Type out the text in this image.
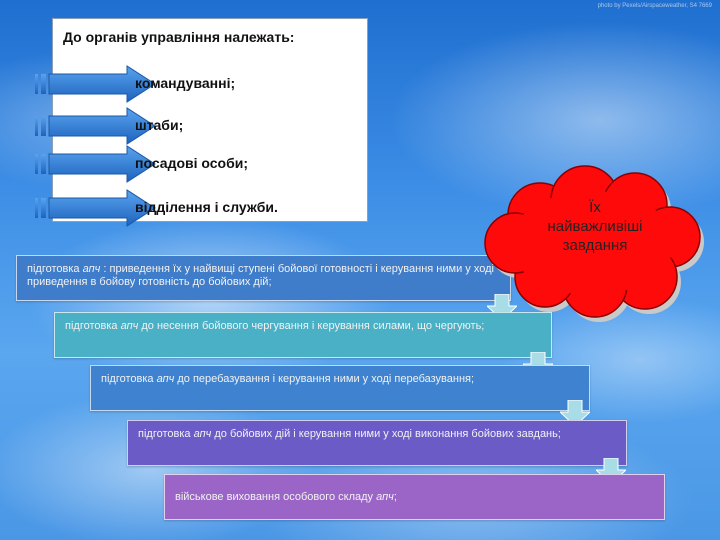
photo by Pexels/Airspaceweather, S4 7669
До органів управління належать:
командуванні;
штаби;
посадові особи;
відділення і служби.
підготовка апч : приведення їх у найвищі ступені бойової готовності і керування ними у ході приведення в бойову готовність до бойових дій;
підготовка апч до несення бойового чергування і керування силами, що чергують;
підготовка апч до перебазування і керування ними у ході перебазування;
підготовка апч до бойових дій і керування ними у ході виконання бойових завдань;
військове виховання особового складу апч;
Їх
найважливіші
завдання
